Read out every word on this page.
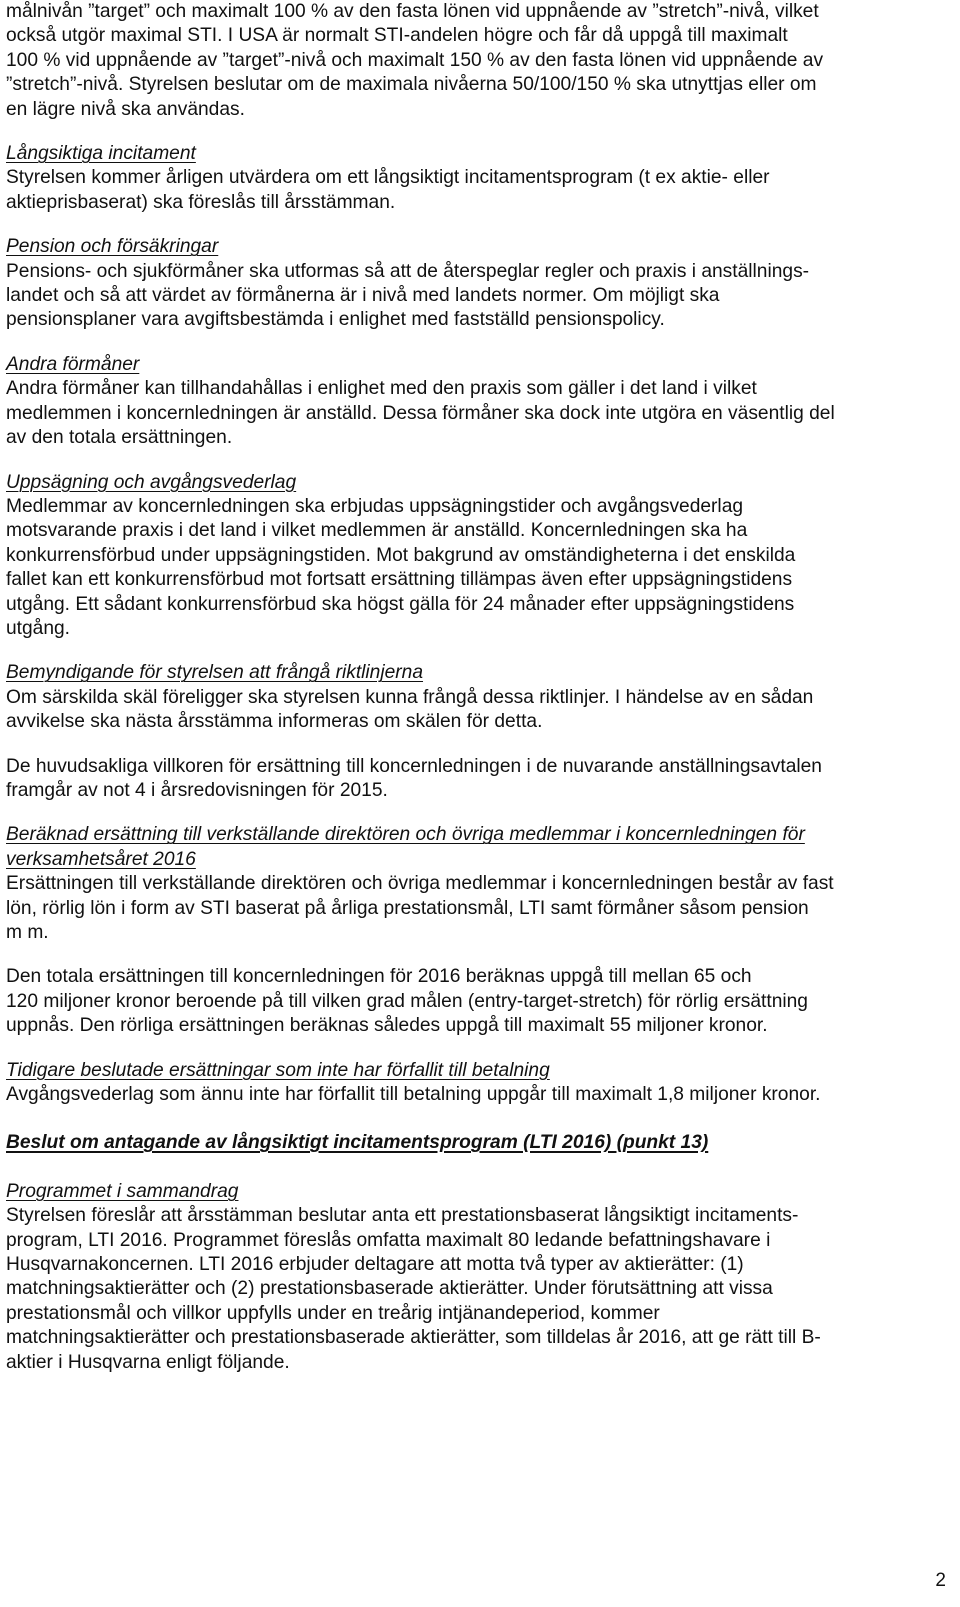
målnivån ”target” och maximalt 100 % av den fasta lönen vid uppnående av ”stretch”-nivå, vilket
också utgör maximal STI. I USA är normalt STI-andelen högre och får då uppgå till maximalt
100 % vid uppnående av ”target”-nivå och maximalt 150 % av den fasta lönen vid uppnående av
”stretch”-nivå. Styrelsen beslutar om de maximala nivåerna 50/100/150 % ska utnyttjas eller om
en lägre nivå ska användas.

Långsiktiga incitament

Styrelsen kommer årligen utvärdera om ett långsiktigt incitamentsprogram (t ex aktie- eller
aktieprisbaserat) ska föreslås till årsstämman.

Pension och försäkringar

Pensions- och sjukförmåner ska utformas så att de återspeglar regler och praxis i anställnings-
landet och så att värdet av förmånerna är i nivå med landets normer. Om möjligt ska
pensionsplaner vara avgiftsbestämda i enlighet med fastställd pensionspolicy.

Andra förmåner

Andra förmåner kan tillhandahållas i enlighet med den praxis som gäller i det land i vilket
medlemmen i koncernledningen är anställd. Dessa förmåner ska dock inte utgöra en väsentlig del
av den totala ersättningen.

Uppsägning och avgångsvederlag

Medlemmar av koncernledningen ska erbjudas uppsägningstider och avgångsvederlag
motsvarande praxis i det land i vilket medlemmen är anställd. Koncernledningen ska ha
konkurrensförbud under uppsägningstiden. Mot bakgrund av omständigheterna i det enskilda
fallet kan ett konkurrensförbud mot fortsatt ersättning tillämpas även efter uppsägningstidens
utgång. Ett sådant konkurrensförbud ska högst gälla för 24 månader efter uppsägningstidens
utgång.

Bemyndigande för styrelsen att frångå riktlinjerna

Om särskilda skäl föreligger ska styrelsen kunna frångå dessa riktlinjer. I händelse av en sådan
avvikelse ska nästa årsstämma informeras om skälen för detta.

De huvudsakliga villkoren för ersättning till koncernledningen i de nuvarande anställningsavtalen
framgår av not 4 i årsredovisningen för 2015.

Beräknad ersättning till verkställande direktören och övriga medlemmar i koncernledningen för
verksamhetsåret 2016

Ersättningen till verkställande direktören och övriga medlemmar i koncernledningen består av fast
lön, rörlig lön i form av STI baserat på årliga prestationsmål, LTI samt förmåner såsom pension
m m.

Den totala ersättningen till koncernledningen för 2016 beräknas uppgå till mellan 65 och
120 miljoner kronor beroende på till vilken grad målen (entry-target-stretch) för rörlig ersättning
uppnås. Den rörliga ersättningen beräknas således uppgå till maximalt 55 miljoner kronor.

Tidigare beslutade ersättningar som inte har förfallit till betalning

Avgångsvederlag som ännu inte har förfallit till betalning uppgår till maximalt 1,8 miljoner kronor.

Beslut om antagande av långsiktigt incitamentsprogram (LTI 2016) (punkt 13)
Programmet i sammandrag

Styrelsen föreslår att årsstämman beslutar anta ett prestationsbaserat långsiktigt incitaments-
program, LTI 2016. Programmet föreslås omfatta maximalt 80 ledande befattningshavare i
Husqvarnakoncernen. LTI 2016 erbjuder deltagare att motta två typer av aktierätter: (1)
matchningsaktierätter och (2) prestationsbaserade aktierätter. Under förutsättning att vissa
prestationsmål och villkor uppfylls under en treårig intjänandeperiod, kommer
matchningsaktierätter och prestationsbaserade aktierätter, som tilldelas år 2016, att ge rätt till B-
aktier i Husqvarna enligt följande.

2
